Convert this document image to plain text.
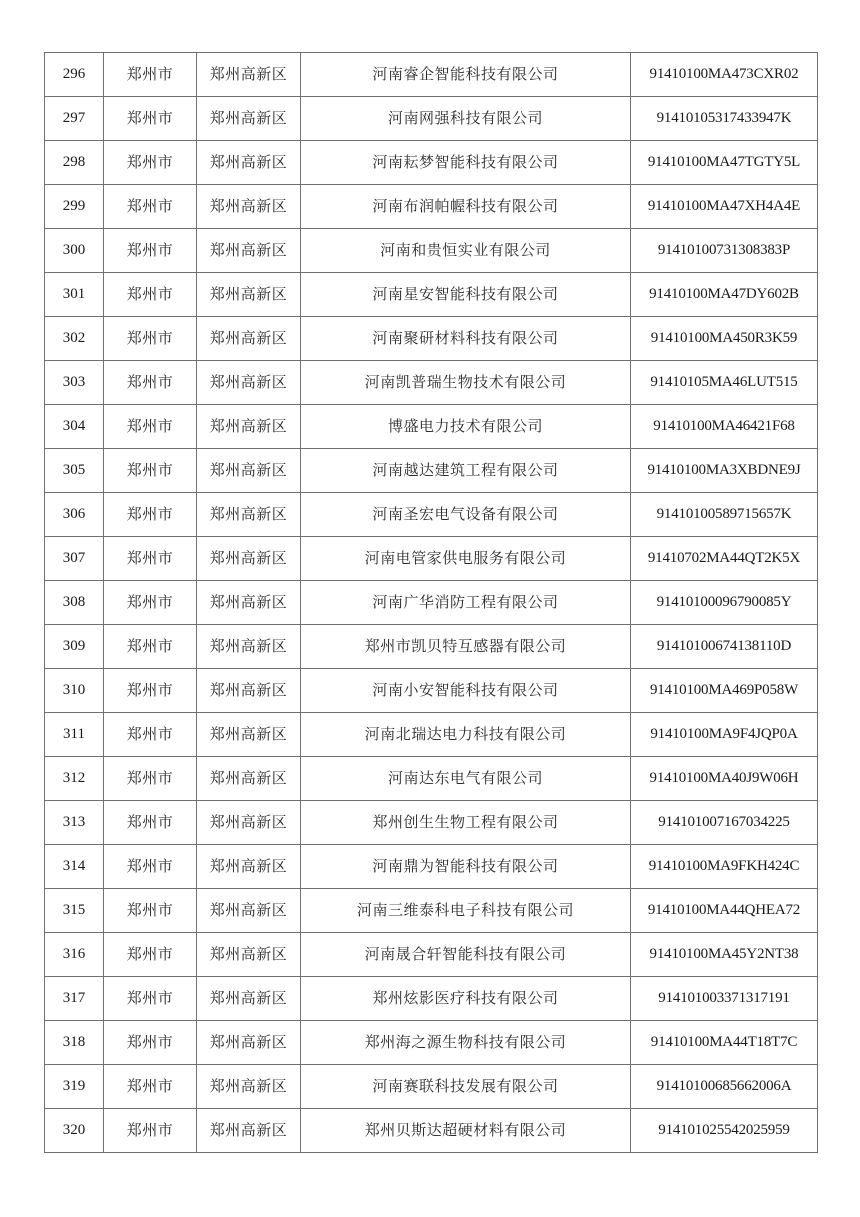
296	郑州市	郑州高新区	河南睿企智能科技有限公司	91410100MA473CXR02
297	郑州市	郑州高新区	河南网强科技有限公司	91410105317433947K
298	郑州市	郑州高新区	河南耘梦智能科技有限公司	91410100MA47TGTY5L
299	郑州市	郑州高新区	河南布润帕幄科技有限公司	91410100MA47XH4A4E
300	郑州市	郑州高新区	河南和贵恒实业有限公司	91410100731308383P
301	郑州市	郑州高新区	河南星安智能科技有限公司	91410100MA47DY602B
302	郑州市	郑州高新区	河南聚研材料科技有限公司	91410100MA450R3K59
303	郑州市	郑州高新区	河南凯普瑞生物技术有限公司	91410105MA46LUT515
304	郑州市	郑州高新区	博盛电力技术有限公司	91410100MA46421F68
305	郑州市	郑州高新区	河南越达建筑工程有限公司	91410100MA3XBDNE9J
306	郑州市	郑州高新区	河南圣宏电气设备有限公司	91410100589715657K
307	郑州市	郑州高新区	河南电管家供电服务有限公司	91410702MA44QT2K5X
308	郑州市	郑州高新区	河南广华消防工程有限公司	91410100096790085Y
309	郑州市	郑州高新区	郑州市凯贝特互感器有限公司	91410100674138110D
310	郑州市	郑州高新区	河南小安智能科技有限公司	91410100MA469P058W
311	郑州市	郑州高新区	河南北瑞达电力科技有限公司	91410100MA9F4JQP0A
312	郑州市	郑州高新区	河南达东电气有限公司	91410100MA40J9W06H
313	郑州市	郑州高新区	郑州创生生物工程有限公司	914101007167034225
314	郑州市	郑州高新区	河南鼎为智能科技有限公司	91410100MA9FKH424C
315	郑州市	郑州高新区	河南三维泰科电子科技有限公司	91410100MA44QHEA72
316	郑州市	郑州高新区	河南晟合轩智能科技有限公司	91410100MA45Y2NT38
317	郑州市	郑州高新区	郑州炫影医疗科技有限公司	914101003371317191
318	郑州市	郑州高新区	郑州海之源生物科技有限公司	91410100MA44T18T7C
319	郑州市	郑州高新区	河南赛联科技发展有限公司	91410100685662006A
320	郑州市	郑州高新区	郑州贝斯达超硬材料有限公司	914101025542025959
